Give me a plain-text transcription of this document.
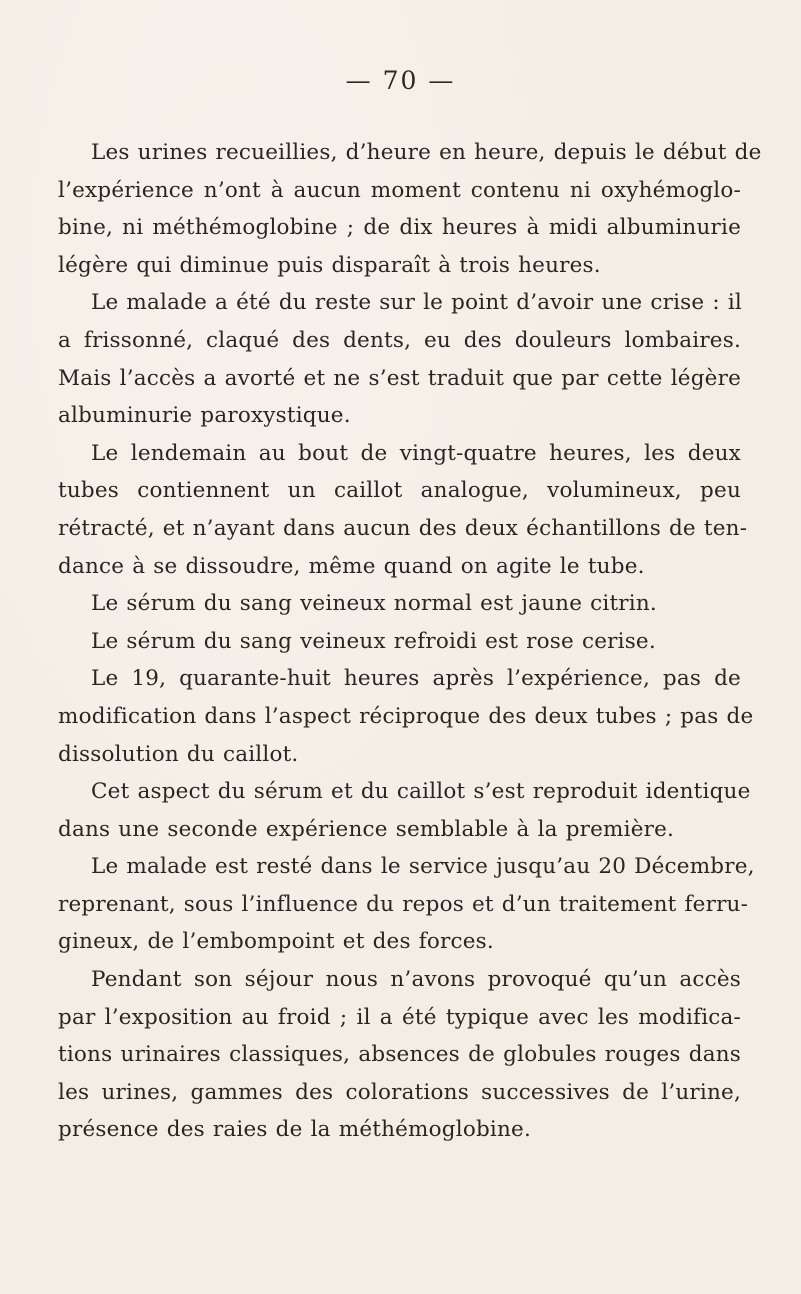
— 70 —
Les urines recueillies, d’heure en heure, depuis le début de
l’expérience n’ont à aucun moment contenu ni oxyhémoglo-
bine, ni méthémoglobine ; de dix heures à midi albuminurie
légère qui diminue puis disparaît à trois heures.
Le malade a été du reste sur le point d’avoir une crise : il
a frissonné, claqué des dents, eu des douleurs lombaires.
Mais l’accès a avorté et ne s’est traduit que par cette légère
albuminurie paroxystique.
Le lendemain au bout de vingt-quatre heures, les deux
tubes contiennent un caillot analogue, volumineux, peu
rétracté, et n’ayant dans aucun des deux échantillons de ten-
dance à se dissoudre, même quand on agite le tube.
Le sérum du sang veineux normal est jaune citrin.
Le sérum du sang veineux refroidi est rose cerise.
Le 19, quarante-huit heures après l’expérience, pas de
modification dans l’aspect réciproque des deux tubes ; pas de
dissolution du caillot.
Cet aspect du sérum et du caillot s’est reproduit identique
dans une seconde expérience semblable à la première.
Le malade est resté dans le service jusqu’au 20 Décembre,
reprenant, sous l’influence du repos et d’un traitement ferru-
gineux, de l’embompoint et des forces.
Pendant son séjour nous n’avons provoqué qu’un accès
par l’exposition au froid ; il a été typique avec les modifica-
tions urinaires classiques, absences de globules rouges dans
les urines, gammes des colorations successives de l’urine,
présence des raies de la méthémoglobine.
